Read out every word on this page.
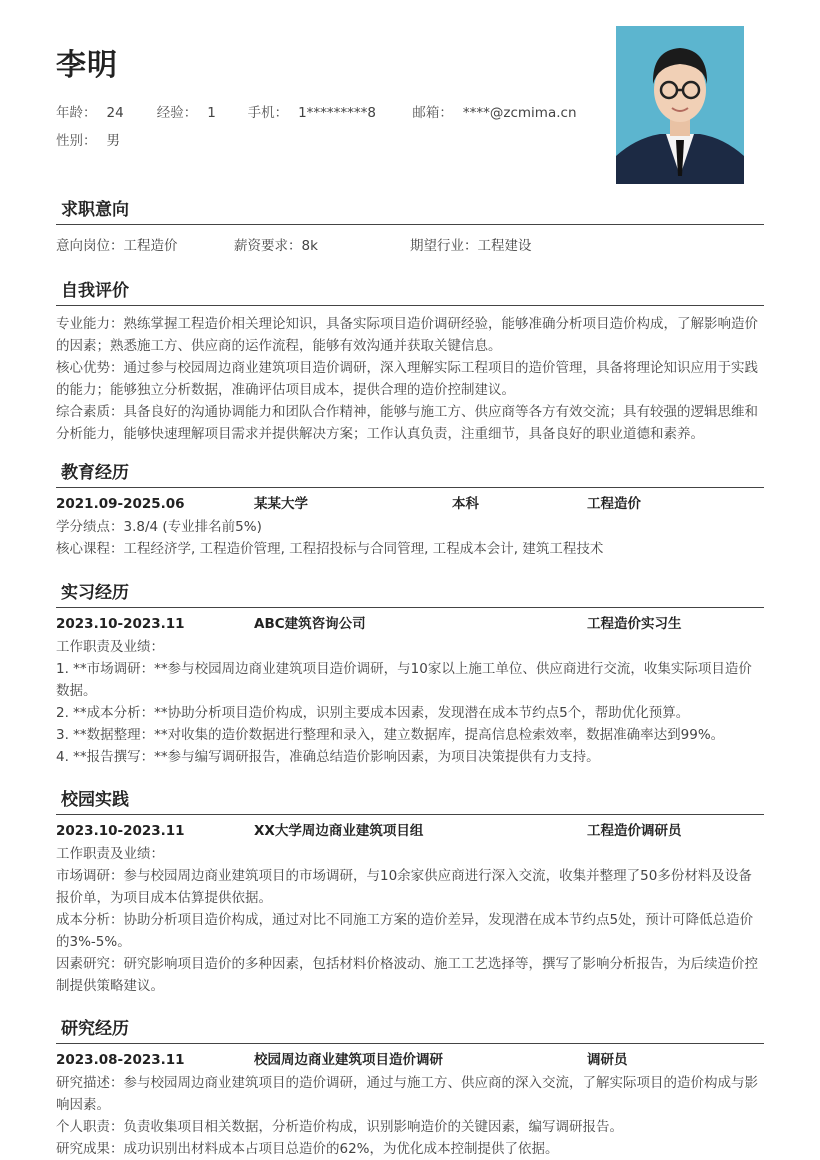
李明
年龄： 24 经验： 1 手机： 1*********8	邮箱： ****@zcmima.cn
性别： 男
求职意向
意向岗位：工程造价	薪资要求：8k	期望行业：工程建设
自我评价
专业能力：熟练掌握工程造价相关理论知识，具备实际项目造价调研经验，能够准确分析项目造价构成，了解影响造价的因素；熟悉施工方、供应商的运作流程，能够有效沟通并获取关键信息。
核心优势：通过参与校园周边商业建筑项目造价调研，深入理解实际工程项目的造价管理，具备将理论知识应用于实践的能力；能够独立分析数据，准确评估项目成本，提供合理的造价控制建议。
综合素质：具备良好的沟通协调能力和团队合作精神，能够与施工方、供应商等各方有效交流；具有较强的逻辑思维和分析能力，能够快速理解项目需求并提供解决方案；工作认真负责，注重细节，具备良好的职业道德和素养。
教育经历
2021.09-2025.06	某某大学	本科	工程造价
学分绩点：3.8/4 (专业排名前5%)
核心课程：工程经济学, 工程造价管理, 工程招投标与合同管理, 工程成本会计, 建筑工程技术
实习经历
2023.10-2023.11	ABC建筑咨询公司	工程造价实习生
工作职责及业绩：
1. **市场调研：**参与校园周边商业建筑项目造价调研，与10家以上施工单位、供应商进行交流，收集实际项目造价数据。
2. **成本分析：**协助分析项目造价构成，识别主要成本因素，发现潜在成本节约点5个，帮助优化预算。
3. **数据整理：**对收集的造价数据进行整理和录入，建立数据库，提高信息检索效率，数据准确率达到99%。
4. **报告撰写：**参与编写调研报告，准确总结造价影响因素，为项目决策提供有力支持。
校园实践
2023.10-2023.11	XX大学周边商业建筑项目组	工程造价调研员
工作职责及业绩：
市场调研：参与校园周边商业建筑项目的市场调研，与10余家供应商进行深入交流，收集并整理了50多份材料及设备报价单，为项目成本估算提供依据。
成本分析：协助分析项目造价构成，通过对比不同施工方案的造价差异，发现潜在成本节约点5处，预计可降低总造价的3%-5%。
因素研究：研究影响项目造价的多种因素，包括材料价格波动、施工工艺选择等，撰写了影响分析报告，为后续造价控制提供策略建议。
研究经历
2023.08-2023.11	校园周边商业建筑项目造价调研	调研员
研究描述：参与校园周边商业建筑项目的造价调研，通过与施工方、供应商的深入交流，了解实际项目的造价构成与影响因素。
个人职责：负责收集项目相关数据，分析造价构成，识别影响造价的关键因素，编写调研报告。
研究成果：成功识别出材料成本占项目总造价的62%，为优化成本控制提供了依据。
